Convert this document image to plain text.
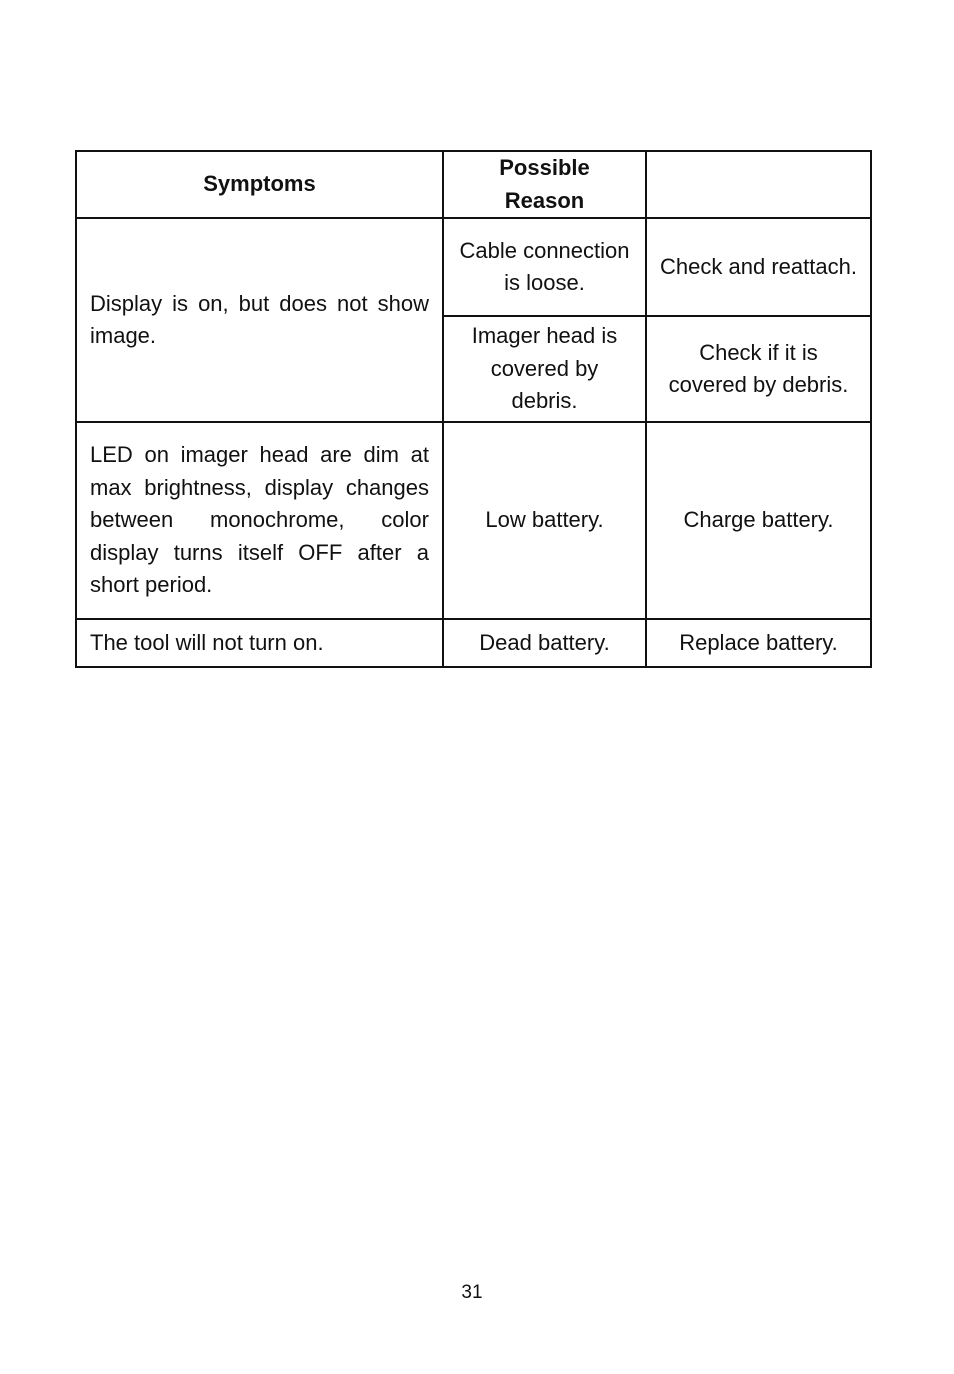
Symptoms	Possible Reason	
Display is on, but does not show image.	Cable connection is loose.	Check and reattach.
	Imager head is covered by debris.	Check if it is covered by debris.
LED on imager head are dim at max brightness, display changes between monochrome, color display turns itself OFF after a short period.	Low battery.	Charge battery.
The tool will not turn on.	Dead battery.	Replace battery.
31
